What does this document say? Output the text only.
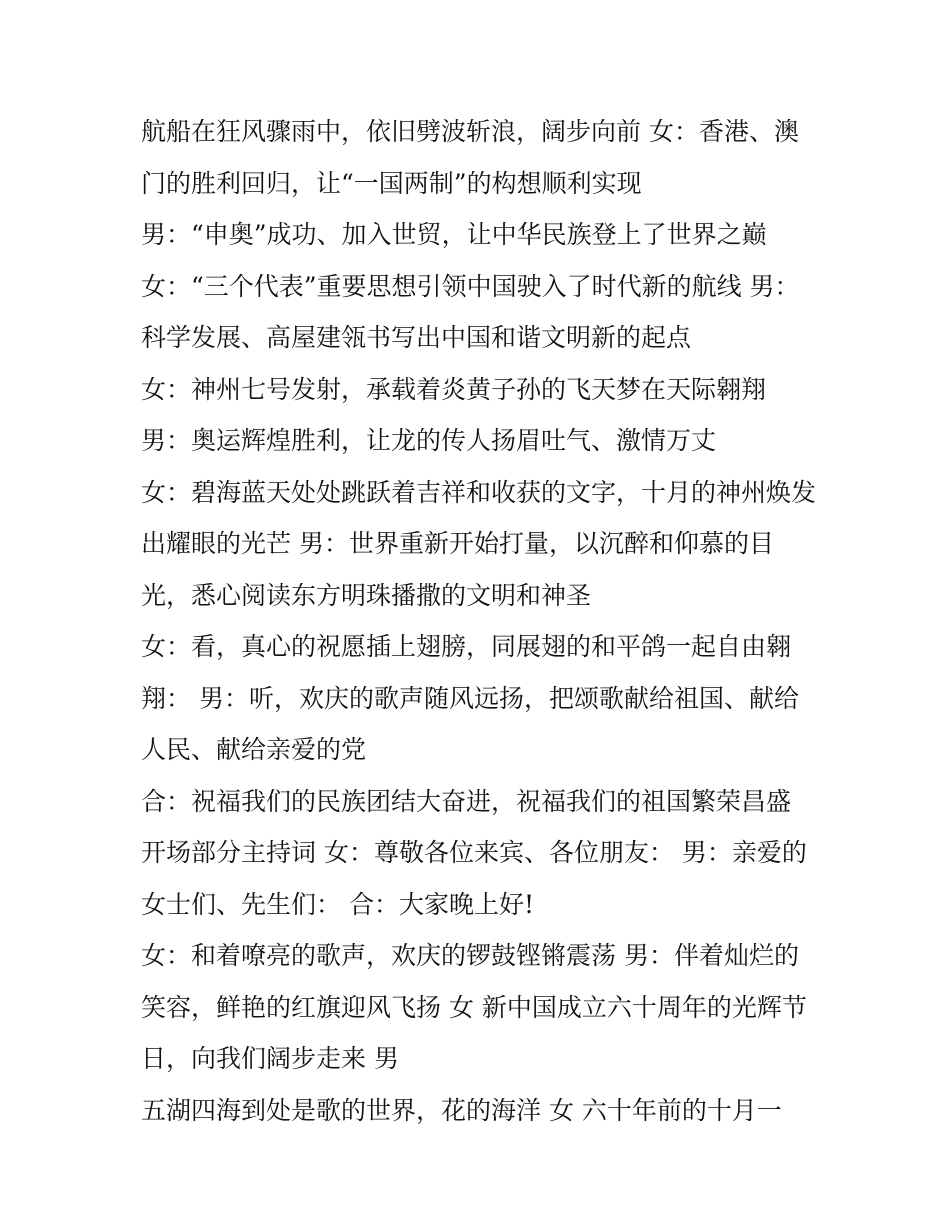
航船在狂风骤雨中，依旧劈波斩浪，阔步向前 女：香港、澳
门的胜利回归，让“一国两制”的构想顺利实现
男：“申奥”成功、加入世贸，让中华民族登上了世界之巅
女：“三个代表”重要思想引领中国驶入了时代新的航线 男：
科学发展、高屋建瓴书写出中国和谐文明新的起点
女：神州七号发射，承载着炎黄子孙的飞天梦在天际翱翔
男：奥运辉煌胜利，让龙的传人扬眉吐气、激情万丈
女：碧海蓝天处处跳跃着吉祥和收获的文字，十月的神州焕发
出耀眼的光芒 男：世界重新开始打量，以沉醉和仰慕的目
光，悉心阅读东方明珠播撒的文明和神圣
女：看，真心的祝愿插上翅膀，同展翅的和平鸽一起自由翱
翔： 男：听，欢庆的歌声随风远扬，把颂歌献给祖国、献给
人民、献给亲爱的党
合：祝福我们的民族团结大奋进，祝福我们的祖国繁荣昌盛
开场部分主持词 女：尊敬各位来宾、各位朋友： 男：亲爱的
女士们、先生们： 合：大家晚上好!
女：和着嘹亮的歌声，欢庆的锣鼓铿锵震荡 男：伴着灿烂的
笑容，鲜艳的红旗迎风飞扬 女 新中国成立六十周年的光辉节
日，向我们阔步走来 男
五湖四海到处是歌的世界，花的海洋 女 六十年前的十月一
